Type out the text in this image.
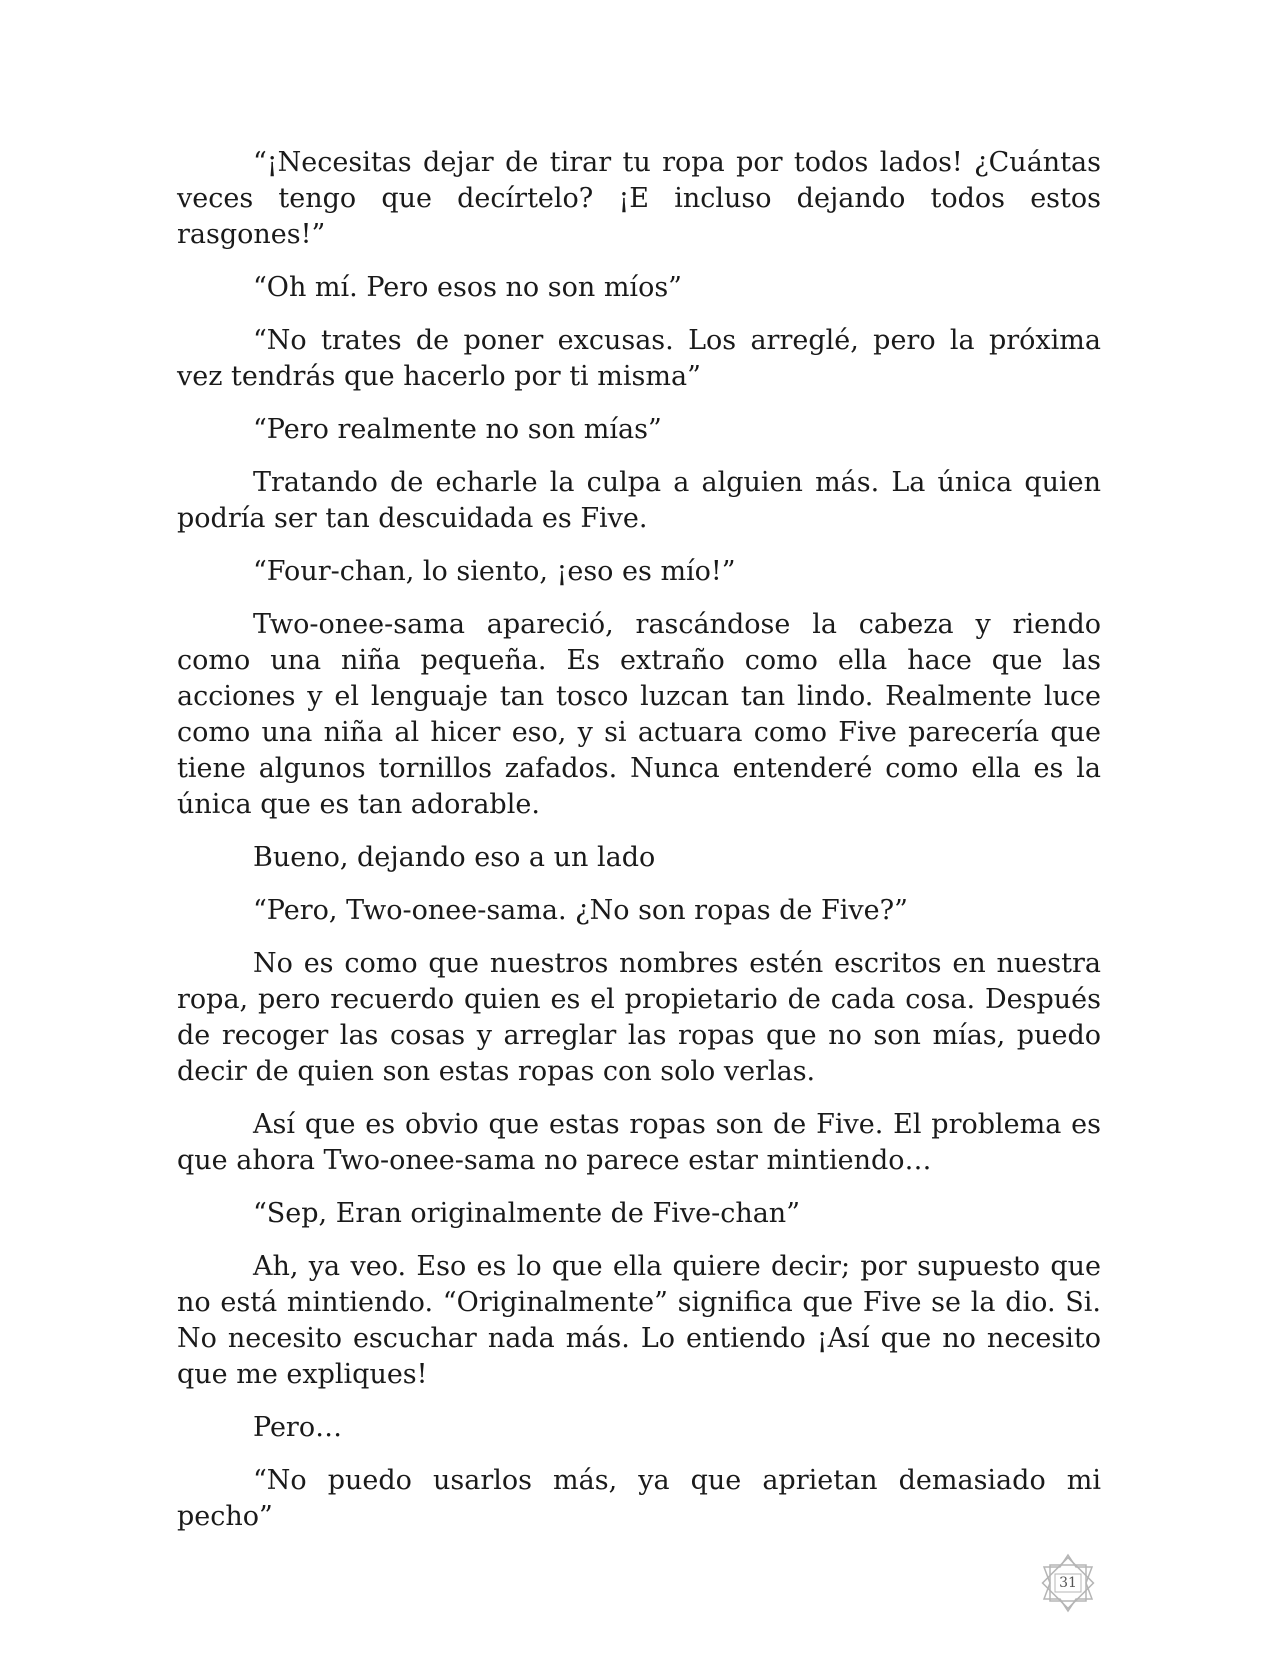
“¡Necesitas dejar de tirar tu ropa por todos lados! ¿Cuántas veces tengo que decírtelo? ¡E incluso dejando todos estos rasgones!”

“Oh mí. Pero esos no son míos”

“No trates de poner excusas. Los arreglé, pero la próxima vez tendrás que hacerlo por ti misma”

“Pero realmente no son mías”

Tratando de echarle la culpa a alguien más. La única quien podría ser tan descuidada es Five.

“Four-chan, lo siento, ¡eso es mío!”

Two-onee-sama apareció, rascándose la cabeza y riendo como una niña pequeña. Es extraño como ella hace que las acciones y el lenguaje tan tosco luzcan tan lindo. Realmente luce como una niña al hicer eso, y si actuara como Five parecería que tiene algunos tornillos zafados. Nunca entenderé como ella es la única que es tan adorable.

Bueno, dejando eso a un lado

“Pero, Two-onee-sama. ¿No son ropas de Five?”

No es como que nuestros nombres estén escritos en nuestra ropa, pero recuerdo quien es el propietario de cada cosa. Después de recoger las cosas y arreglar las ropas que no son mías, puedo decir de quien son estas ropas con solo verlas.

Así que es obvio que estas ropas son de Five. El problema es que ahora Two-onee-sama no parece estar mintiendo…

“Sep, Eran originalmente de Five-chan”

Ah, ya veo. Eso es lo que ella quiere decir; por supuesto que no está mintiendo. “Originalmente” significa que Five se la dio. Si. No necesito escuchar nada más. Lo entiendo ¡Así que no necesito que me expliques!

Pero…

“No puedo usarlos más, ya que aprietan demasiado mi pecho”

31
